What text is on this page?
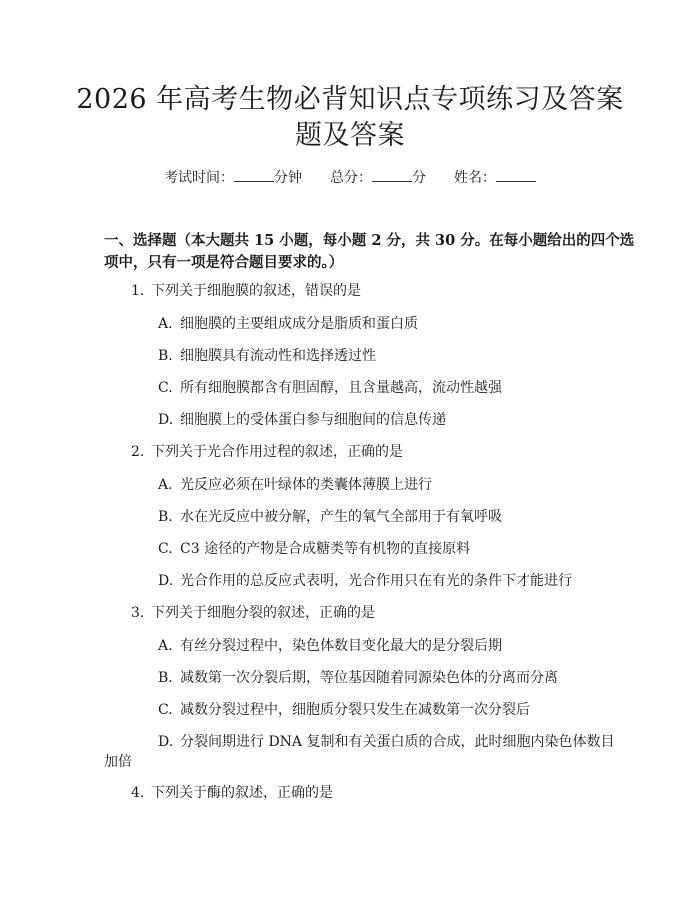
2026 年高考生物必背知识点专项练习及答案
题及答案
考试时间：	分钟 总分：	分 姓名：
一、选择题（本大题共 15 小题，每小题 2 分，共 30 分。在每小题给出的四个选
项中，只有一项是符合题目要求的。）
1. 下列关于细胞膜的叙述，错误的是
A. 细胞膜的主要组成成分是脂质和蛋白质
B. 细胞膜具有流动性和选择透过性
C. 所有细胞膜都含有胆固醇，且含量越高，流动性越强
D. 细胞膜上的受体蛋白参与细胞间的信息传递
2. 下列关于光合作用过程的叙述，正确的是
A. 光反应必须在叶绿体的类囊体薄膜上进行
B. 水在光反应中被分解，产生的氧气全部用于有氧呼吸
C. C3 途径的产物是合成糖类等有机物的直接原料
D. 光合作用的总反应式表明，光合作用只在有光的条件下才能进行
3. 下列关于细胞分裂的叙述，正确的是
A. 有丝分裂过程中，染色体数目变化最大的是分裂后期
B. 减数第一次分裂后期，等位基因随着同源染色体的分离而分离
C. 减数分裂过程中，细胞质分裂只发生在减数第一次分裂后
D. 分裂间期进行 DNA 复制和有关蛋白质的合成，此时细胞内染色体数目
加倍
4. 下列关于酶的叙述，正确的是
